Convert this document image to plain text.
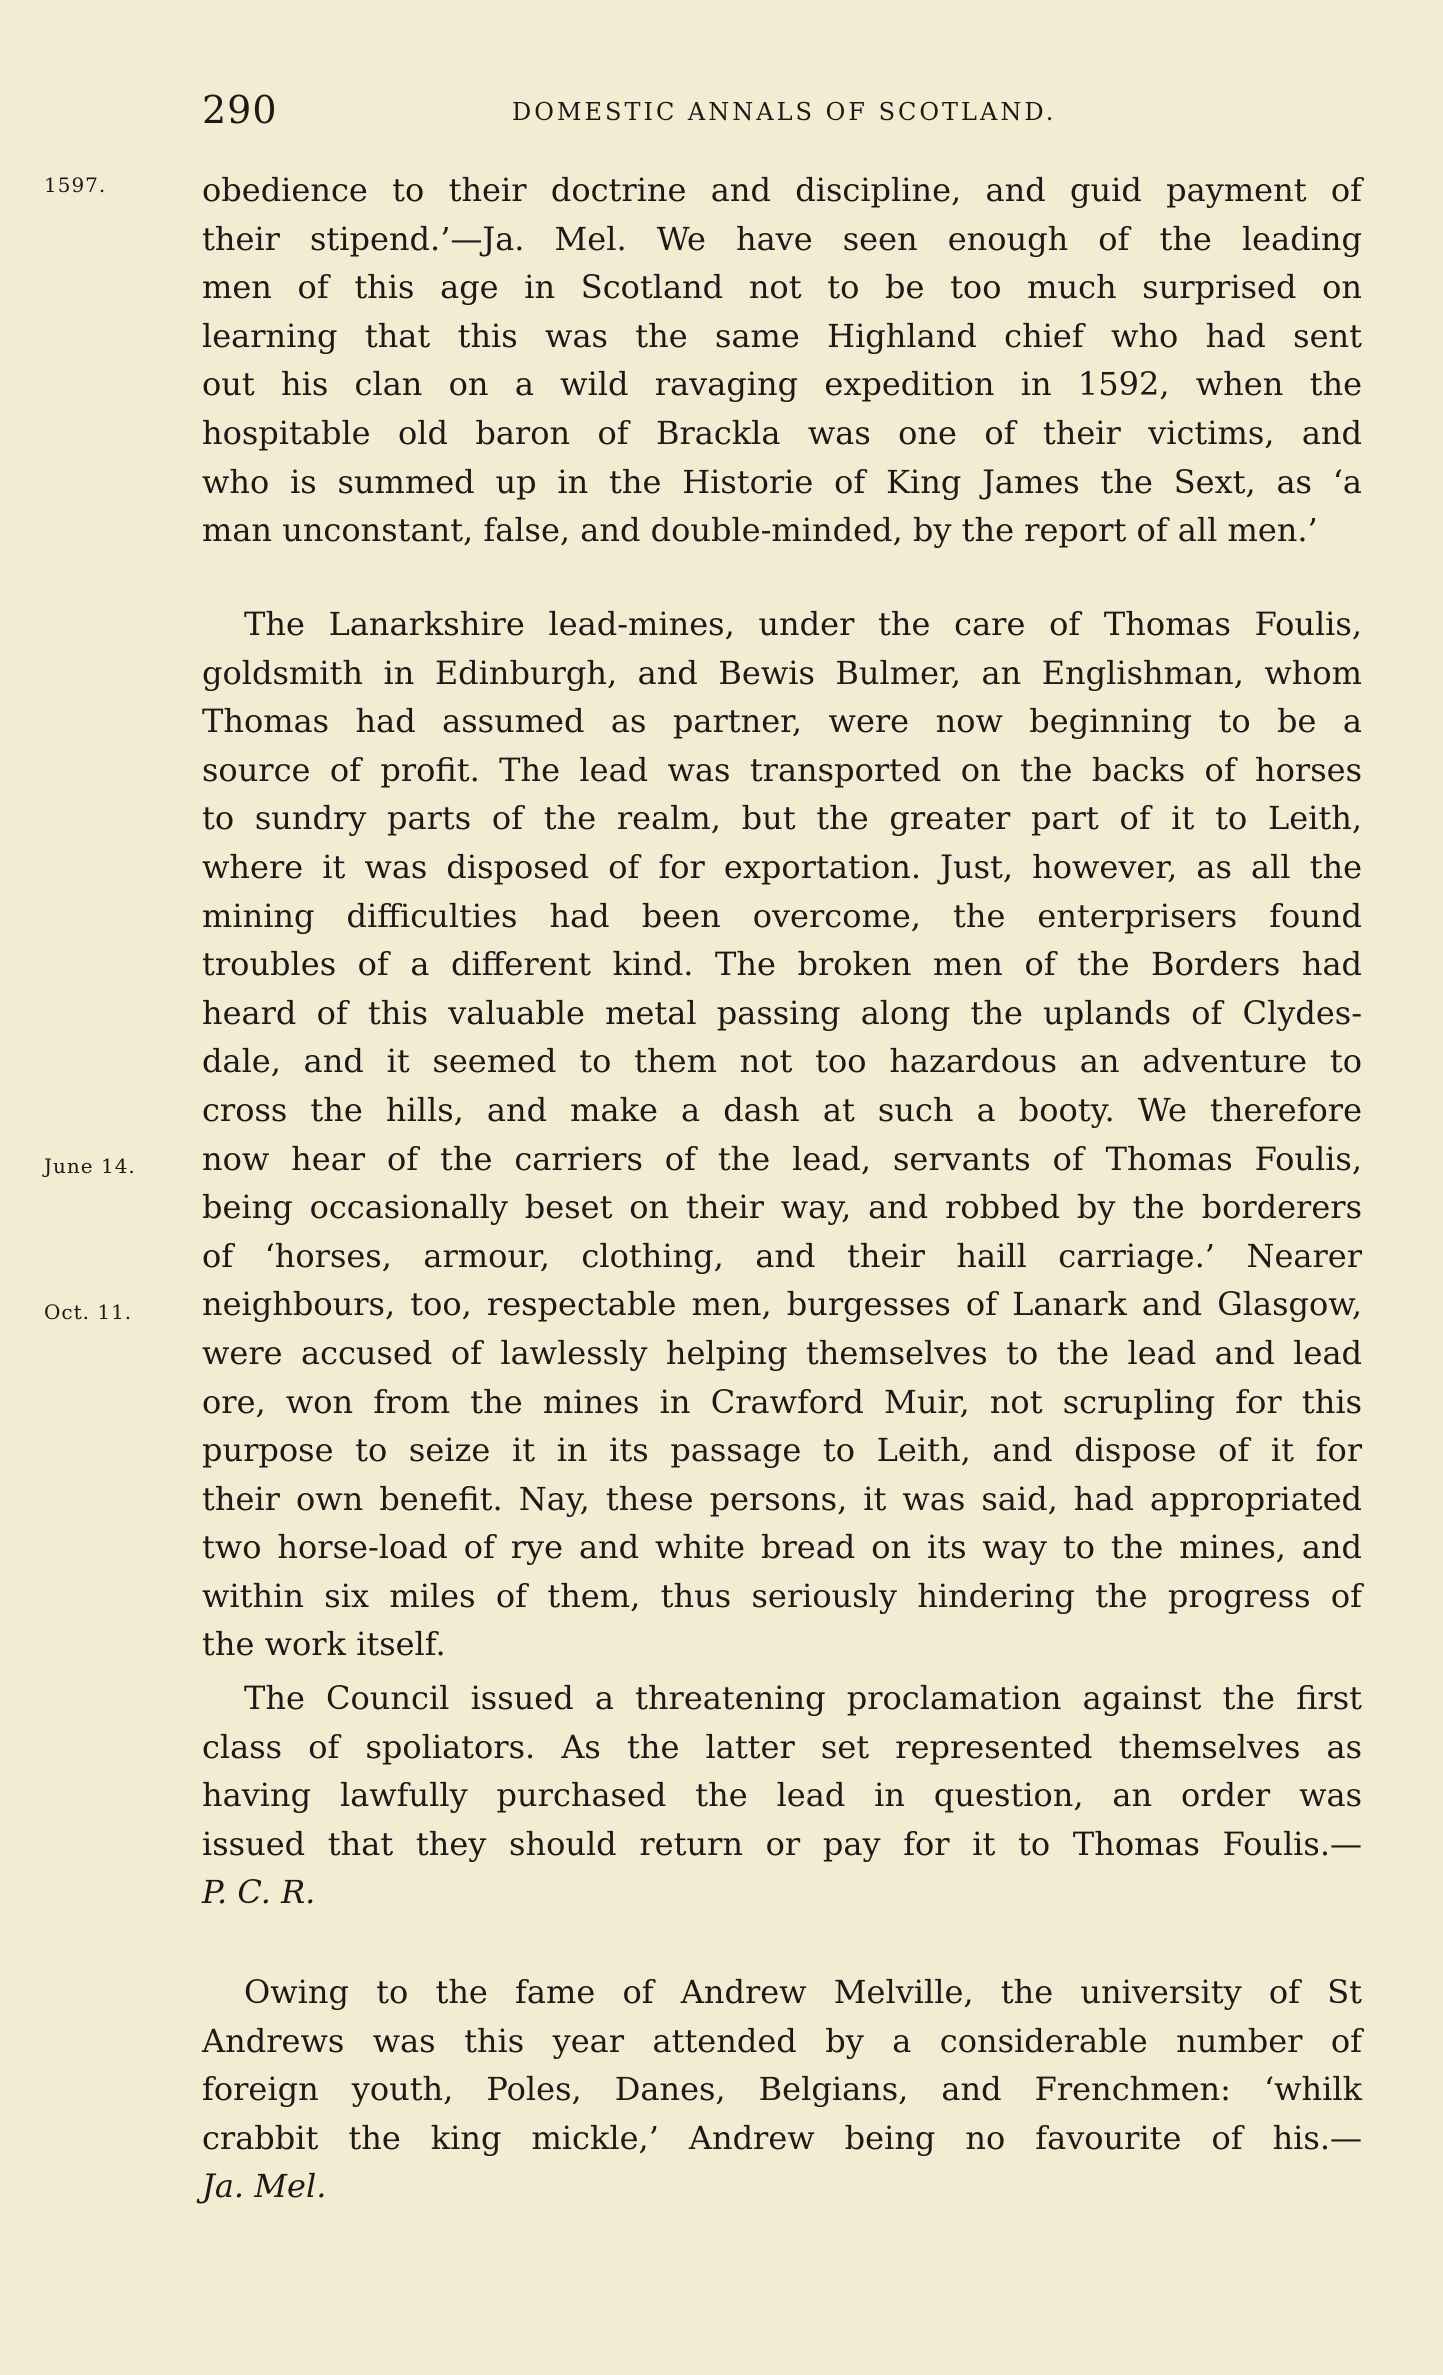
290	DOMESTIC ANNALS OF SCOTLAND.
1597.
June 14.
Oct. 11.
obedience to their doctrine and discipline, and guid payment of
their stipend.’—Ja. Mel. We have seen enough of the leading
men of this age in Scotland not to be too much surprised on
learning that this was the same Highland chief who had sent
out his clan on a wild ravaging expedition in 1592, when the
hospitable old baron of Brackla was one of their victims, and
who is summed up in the Historie of King James the Sext, as ‘a
man unconstant, false, and double-minded, by the report of all men.’
The Lanarkshire lead-mines, under the care of Thomas Foulis,
goldsmith in Edinburgh, and Bewis Bulmer, an Englishman, whom
Thomas had assumed as partner, were now beginning to be a
source of profit. The lead was transported on the backs of horses
to sundry parts of the realm, but the greater part of it to Leith,
where it was disposed of for exportation. Just, however, as all the
mining difficulties had been overcome, the enterprisers found
troubles of a different kind. The broken men of the Borders had
heard of this valuable metal passing along the uplands of Clydes-
dale, and it seemed to them not too hazardous an adventure to
cross the hills, and make a dash at such a booty. We therefore
now hear of the carriers of the lead, servants of Thomas Foulis,
being occasionally beset on their way, and robbed by the borderers
of ‘horses, armour, clothing, and their haill carriage.’ Nearer
neighbours, too, respectable men, burgesses of Lanark and Glasgow,
were accused of lawlessly helping themselves to the lead and lead
ore, won from the mines in Crawford Muir, not scrupling for this
purpose to seize it in its passage to Leith, and dispose of it for
their own benefit. Nay, these persons, it was said, had appropriated
two horse-load of rye and white bread on its way to the mines, and
within six miles of them, thus seriously hindering the progress of
the work itself.
The Council issued a threatening proclamation against the first
class of spoliators. As the latter set represented themselves as
having lawfully purchased the lead in question, an order was
issued that they should return or pay for it to Thomas Foulis.—
P. C. R.
Owing to the fame of Andrew Melville, the university of St
Andrews was this year attended by a considerable number of
foreign youth, Poles, Danes, Belgians, and Frenchmen: ‘whilk
crabbit the king mickle,’ Andrew being no favourite of his.—
Ja. Mel.
